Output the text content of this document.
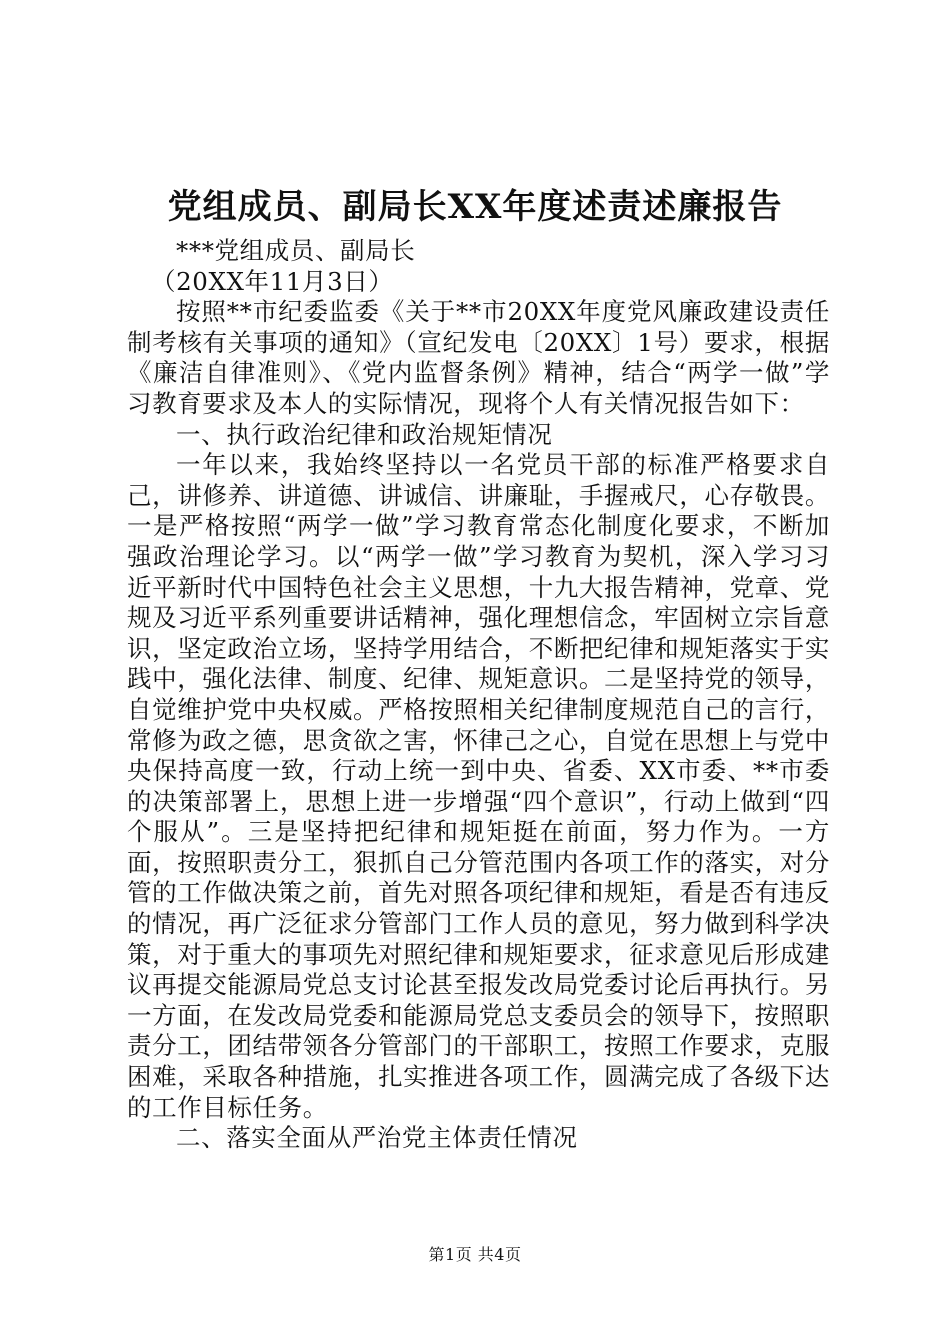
党组成员、副局长XX年度述责述廉报告

***党组成员、副局长

（20XX年11月3日）

按照**市纪委监委《关于**市20XX年度党风廉政建设责任制考核有关事项的通知》（宣纪发电〔20XX〕1号）要求，根据《廉洁自律准则》、《党内监督条例》精神，结合“两学一做”学习教育要求及本人的实际情况，现将个人有关情况报告如下：

一、执行政治纪律和政治规矩情况

一年以来，我始终坚持以一名党员干部的标准严格要求自己，讲修养、讲道德、讲诚信、讲廉耻，手握戒尺，心存敬畏。一是严格按照“两学一做”学习教育常态化制度化要求，不断加强政治理论学习。以“两学一做”学习教育为契机，深入学习习近平新时代中国特色社会主义思想，十九大报告精神，党章、党规及习近平系列重要讲话精神，强化理想信念，牢固树立宗旨意识，坚定政治立场，坚持学用结合，不断把纪律和规矩落实于实践中，强化法律、制度、纪律、规矩意识。二是坚持党的领导，自觉维护党中央权威。严格按照相关纪律制度规范自己的言行，常修为政之德，思贪欲之害，怀律己之心，自觉在思想上与党中央保持高度一致，行动上统一到中央、省委、XX市委、**市委的决策部署上，思想上进一步增强“四个意识”，行动上做到“四个服从”。三是坚持把纪律和规矩挺在前面，努力作为。一方面，按照职责分工，狠抓自己分管范围内各项工作的落实，对分管的工作做决策之前，首先对照各项纪律和规矩，看是否有违反的情况，再广泛征求分管部门工作人员的意见，努力做到科学决策，对于重大的事项先对照纪律和规矩要求，征求意见后形成建议再提交能源局党总支讨论甚至报发改局党委讨论后再执行。另一方面，在发改局党委和能源局党总支委员会的领导下，按照职责分工，团结带领各分管部门的干部职工，按照工作要求，克服困难，采取各种措施，扎实推进各项工作，圆满完成了各级下达的工作目标任务。

二、落实全面从严治党主体责任情况

第1页 共4页
